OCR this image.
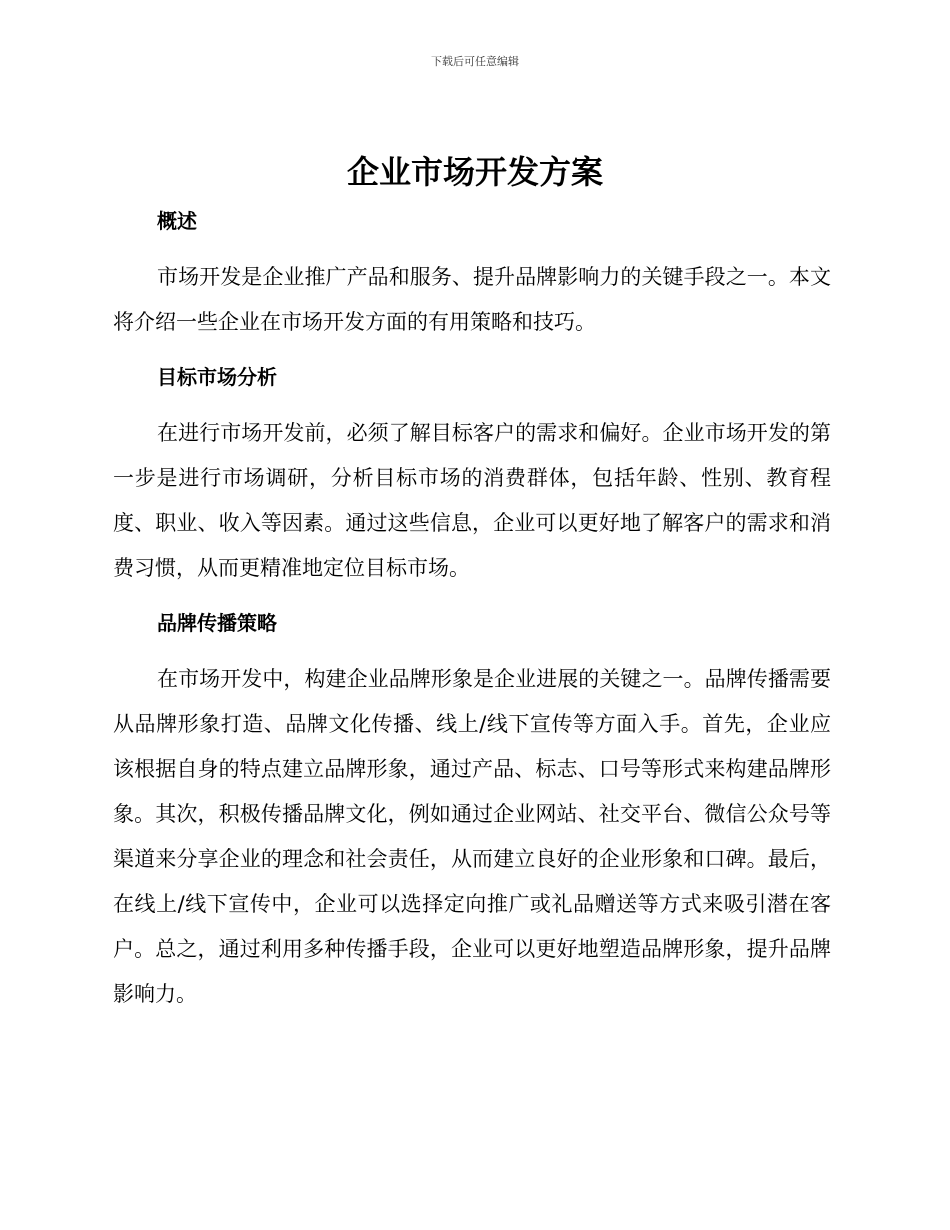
下载后可任意编辑
企业市场开发方案
概述

市场开发是企业推广产品和服务、提升品牌影响力的关键手段之一。本文将介绍一些企业在市场开发方面的有用策略和技巧。

目标市场分析

在进行市场开发前，必须了解目标客户的需求和偏好。企业市场开发的第一步是进行市场调研，分析目标市场的消费群体，包括年龄、性别、教育程度、职业、收入等因素。通过这些信息，企业可以更好地了解客户的需求和消费习惯，从而更精准地定位目标市场。

品牌传播策略

在市场开发中，构建企业品牌形象是企业进展的关键之一。品牌传播需要从品牌形象打造、品牌文化传播、线上/线下宣传等方面入手。首先，企业应该根据自身的特点建立品牌形象，通过产品、标志、口号等形式来构建品牌形象。其次，积极传播品牌文化，例如通过企业网站、社交平台、微信公众号等渠道来分享企业的理念和社会责任，从而建立良好的企业形象和口碑。最后，在线上/线下宣传中，企业可以选择定向推广或礼品赠送等方式来吸引潜在客户。总之，通过利用多种传播手段，企业可以更好地塑造品牌形象，提升品牌影响力。
